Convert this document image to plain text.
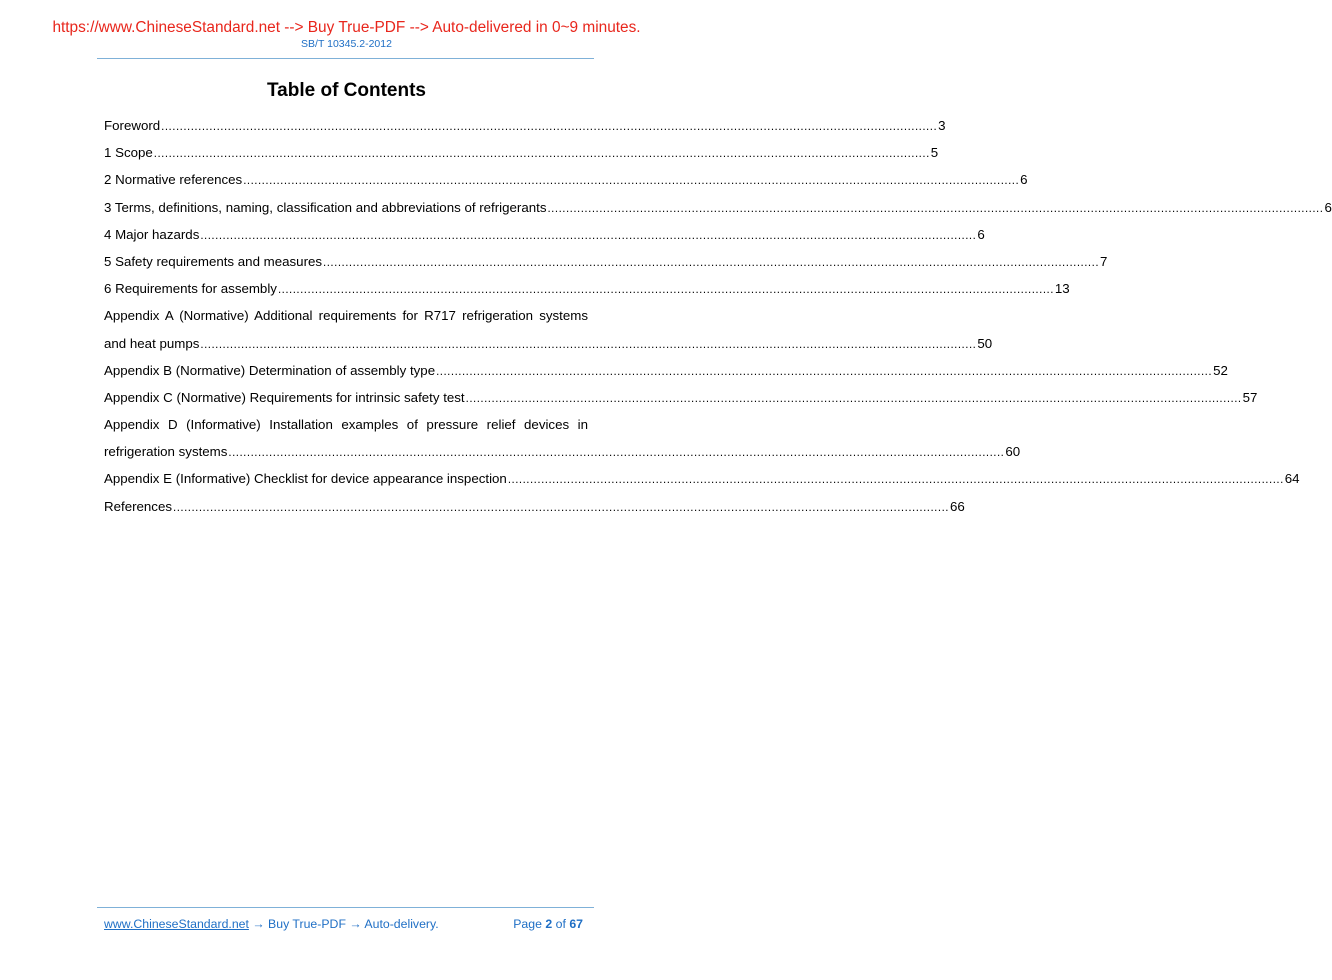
https://www.ChineseStandard.net --> Buy True-PDF --> Auto-delivered in 0~9 minutes.
SB/T 10345.2-2012
Table of Contents
Foreword .................................................................................................................................................................................................................. 3
1 Scope .................................................................................................................................................................................................................. 5
2 Normative references .................................................................................................................................................................................................................. 6
3 Terms, definitions, naming, classification and abbreviations of refrigerants .................................................................................................................................................................................................................. 6
4 Major hazards .................................................................................................................................................................................................................. 6
5 Safety requirements and measures .................................................................................................................................................................................................................. 7
6 Requirements for assembly .................................................................................................................................................................................................................. 13
Appendix A (Normative) Additional requirements for R717 refrigeration systems
and heat pumps .................................................................................................................................................................................................................. 50
Appendix B (Normative) Determination of assembly type .................................................................................................................................................................................................................. 52
Appendix C (Normative) Requirements for intrinsic safety test .................................................................................................................................................................................................................. 57
Appendix D (Informative) Installation examples of pressure relief devices in
refrigeration systems .................................................................................................................................................................................................................. 60
Appendix E (Informative) Checklist for device appearance inspection .................................................................................................................................................................................................................. 64
References .................................................................................................................................................................................................................. 66
www.ChineseStandard.net → Buy True-PDF → Auto-delivery.	Page 2 of 67
